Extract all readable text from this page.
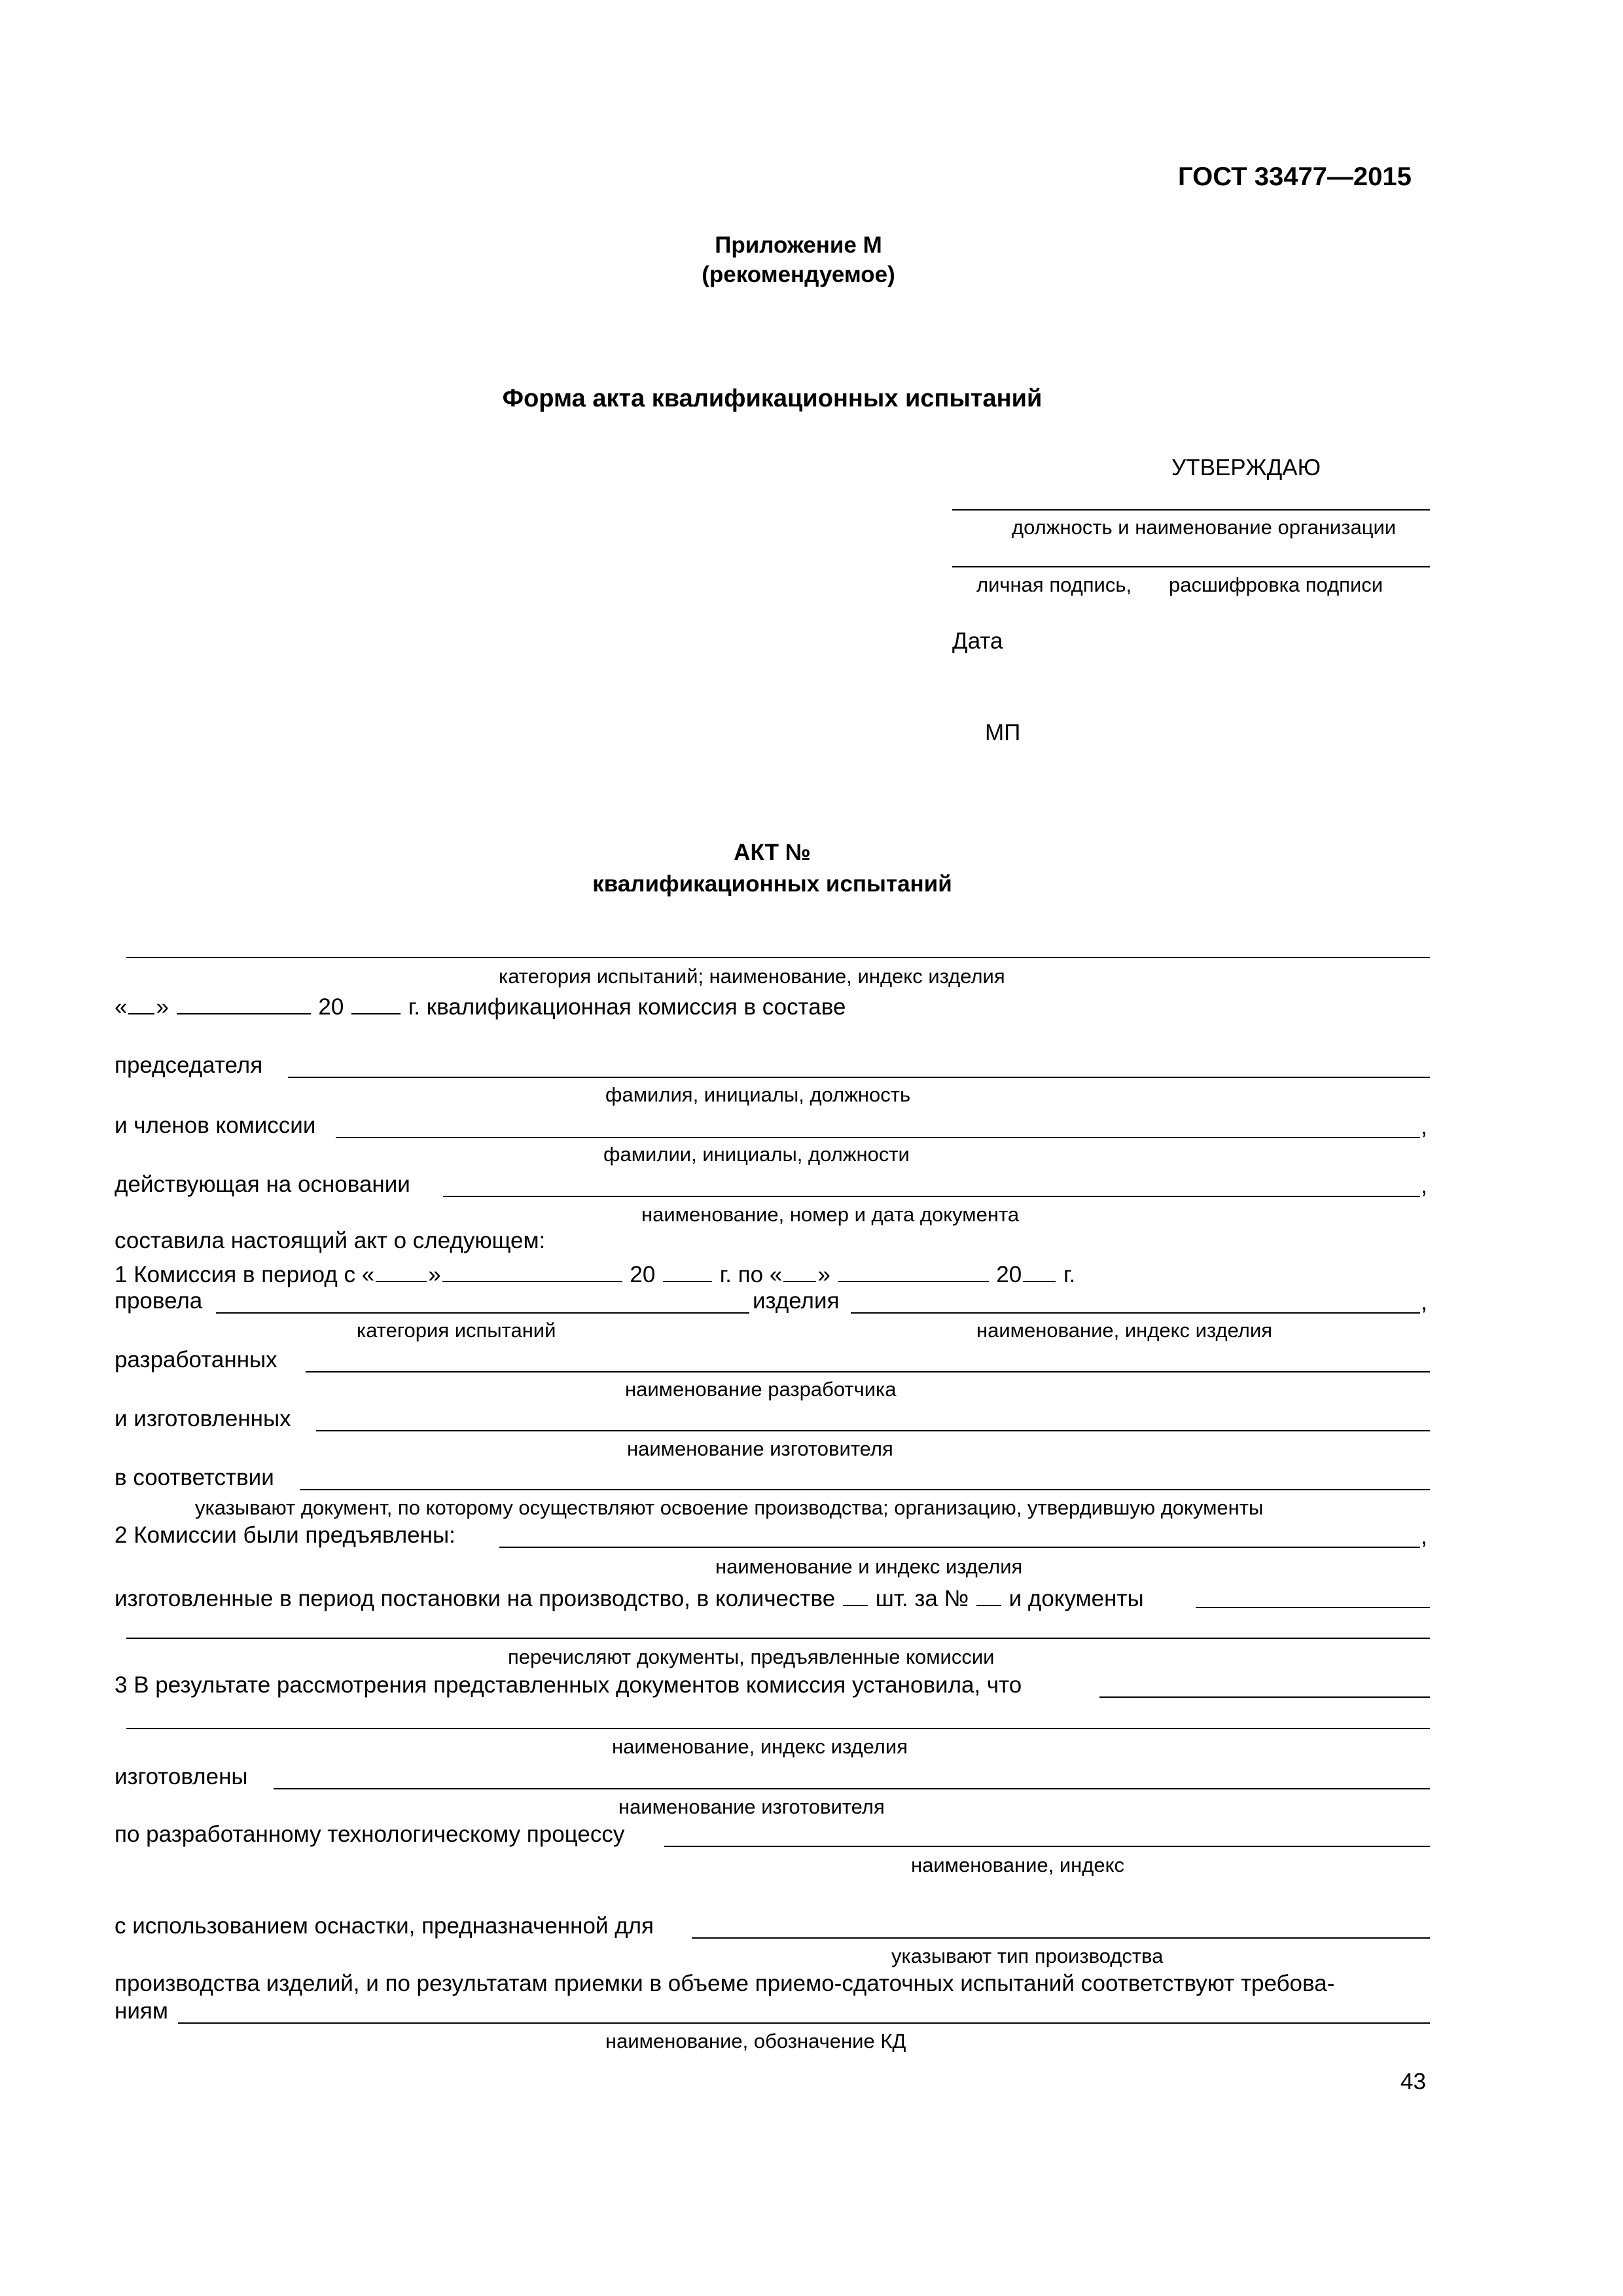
ГОСТ 33477—2015
Приложение М
(рекомендуемое)
Форма акта квалификационных испытаний
УТВЕРЖДАЮ
должность и наименование организации
личная подпись, расшифровка подписи
Дата
МП
АКТ №
квалификационных испытаний
категория испытаний; наименование, индекс изделия
« »	20	г. квалификационная комиссия в составе
председателя
фамилия, инициалы, должность
и членов комиссии	,
фамилии, инициалы, должности
действующая на основании	,
наименование, номер и дата документа
составила настоящий акт о следующем:
1 Комиссия в период с « »	20	г. по « »	20 г.
провела	изделия	,
категория испытаний	наименование, индекс изделия
разработанных
наименование разработчика
и изготовленных
наименование изготовителя
в соответствии
указывают документ, по которому осуществляют освоение производства; организацию, утвердившую документы
2 Комиссии были предъявлены:	,
наименование и индекс изделия
изготовленные в период постановки на производство, в количестве шт. за № и документы
перечисляют документы, предъявленные комиссии
3 В результате рассмотрения представленных документов комиссия установила, что
наименование, индекс изделия
изготовлены
наименование изготовителя
по разработанному технологическому процессу
наименование, индекс
с использованием оснастки, предназначенной для
указывают тип производства
производства изделий, и по результатам приемки в объеме приемо-сдаточных испытаний соответствуют требова-
ниям
наименование, обозначение КД
43
